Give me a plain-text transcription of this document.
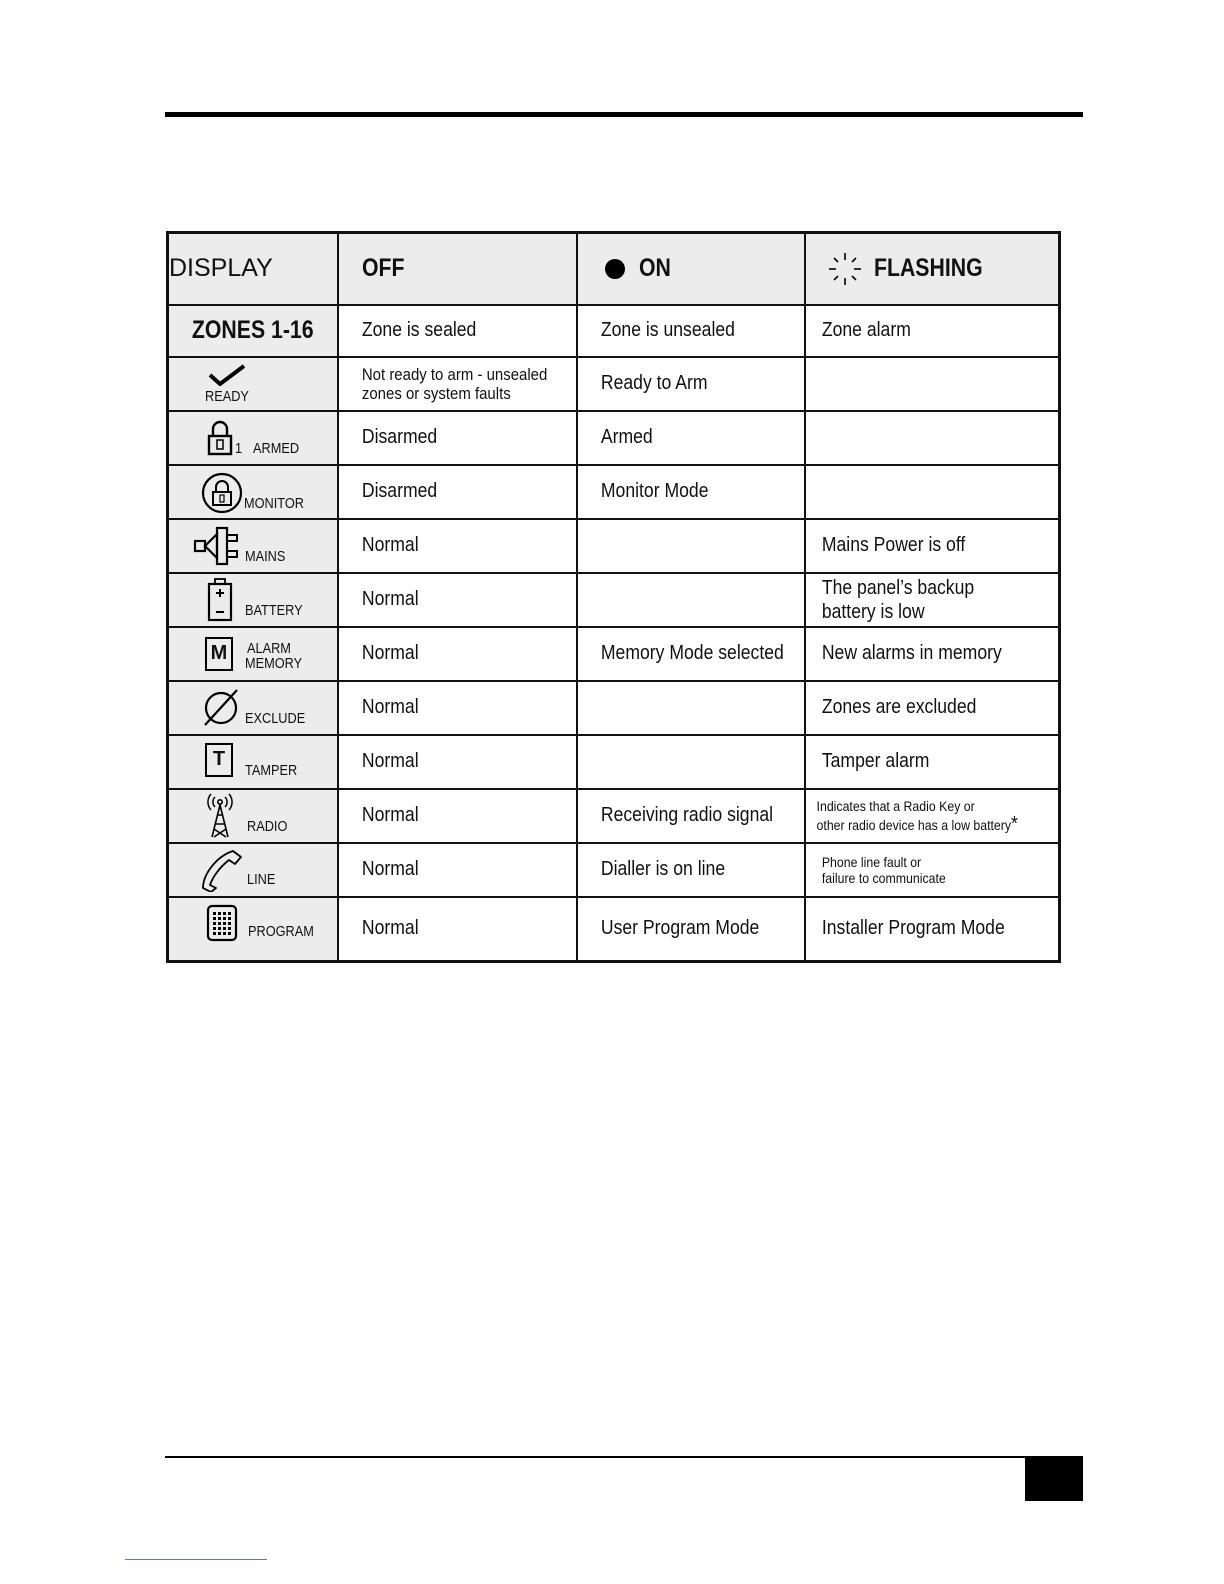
DISPLAY	OFF	ON	FLASHING

ZONES 1-16	Zone is sealed	Zone is unsealed	Zone alarm

READY	Not ready to arm - unsealed
zones or system faults	Ready to Arm	

1 ARMED	Disarmed	Armed	

MONITOR	Disarmed	Monitor Mode	

MAINS	Normal		Mains Power is off

BATTERY	Normal		The panel’s backup
battery is low

M ALARM
MEMORY	Normal	Memory Mode selected	New alarms in memory

EXCLUDE	Normal		Zones are excluded

T TAMPER	Normal		Tamper alarm

RADIO	Normal	Receiving radio signal	Indicates that a Radio Key or
other radio device has a low battery*

LINE	Normal	Dialler is on line	Phone line fault or
failure to communicate

PROGRAM	Normal	User Program Mode	Installer Program Mode
